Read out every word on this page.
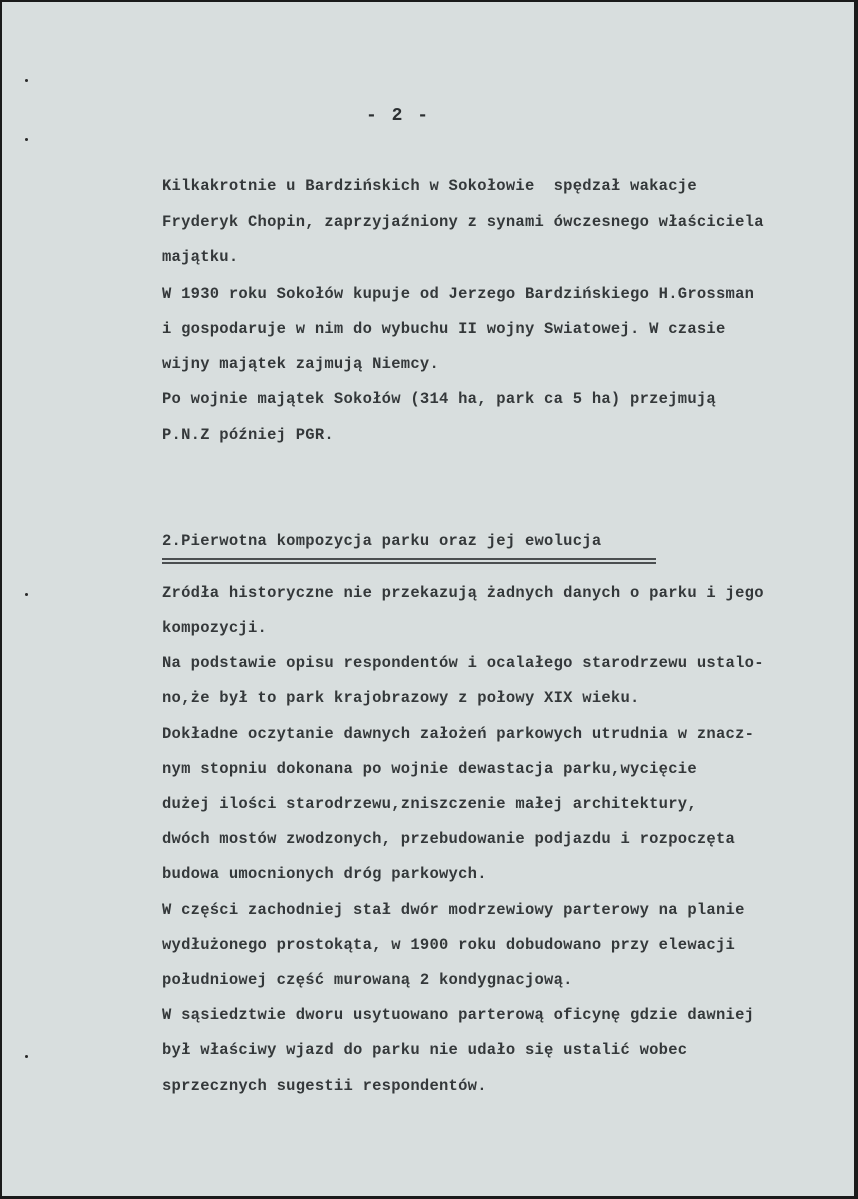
- 2 -
Kilkakrotnie u Bardzińskich w Sokołowie  spędzał wakacje
Fryderyk Chopin, zaprzyjaźniony z synami ówczesnego właściciela
majątku.
W 1930 roku Sokołów kupuje od Jerzego Bardzińskiego H.Grossman
i gospodaruje w nim do wybuchu II wojny Swiatowej. W czasie
wijny majątek zajmują Niemcy.
Po wojnie majątek Sokołów (314 ha, park ca 5 ha) przejmują
P.N.Z później PGR.
2.Pierwotna kompozycja parku oraz jej ewolucja
Zródła historyczne nie przekazują żadnych danych o parku i jego
kompozycji.
Na podstawie opisu respondentów i ocalałego starodrzewu ustalo-
no,że był to park krajobrazowy z połowy XIX wieku.
Dokładne oczytanie dawnych założeń parkowych utrudnia w znacz-
nym stopniu dokonana po wojnie dewastacja parku,wycięcie
dużej ilości starodrzewu,zniszczenie małej architektury,
dwóch mostów zwodzonych, przebudowanie podjazdu i rozpoczęta
budowa umocnionych dróg parkowych.
W części zachodniej stał dwór modrzewiowy parterowy na planie
wydłużonego prostokąta, w 1900 roku dobudowano przy elewacji
południowej część murowaną 2 kondygnacjową.
W sąsiedztwie dworu usytuowano parterową oficynę gdzie dawniej
był właściwy wjazd do parku nie udało się ustalić wobec
sprzecznych sugestii respondentów.
